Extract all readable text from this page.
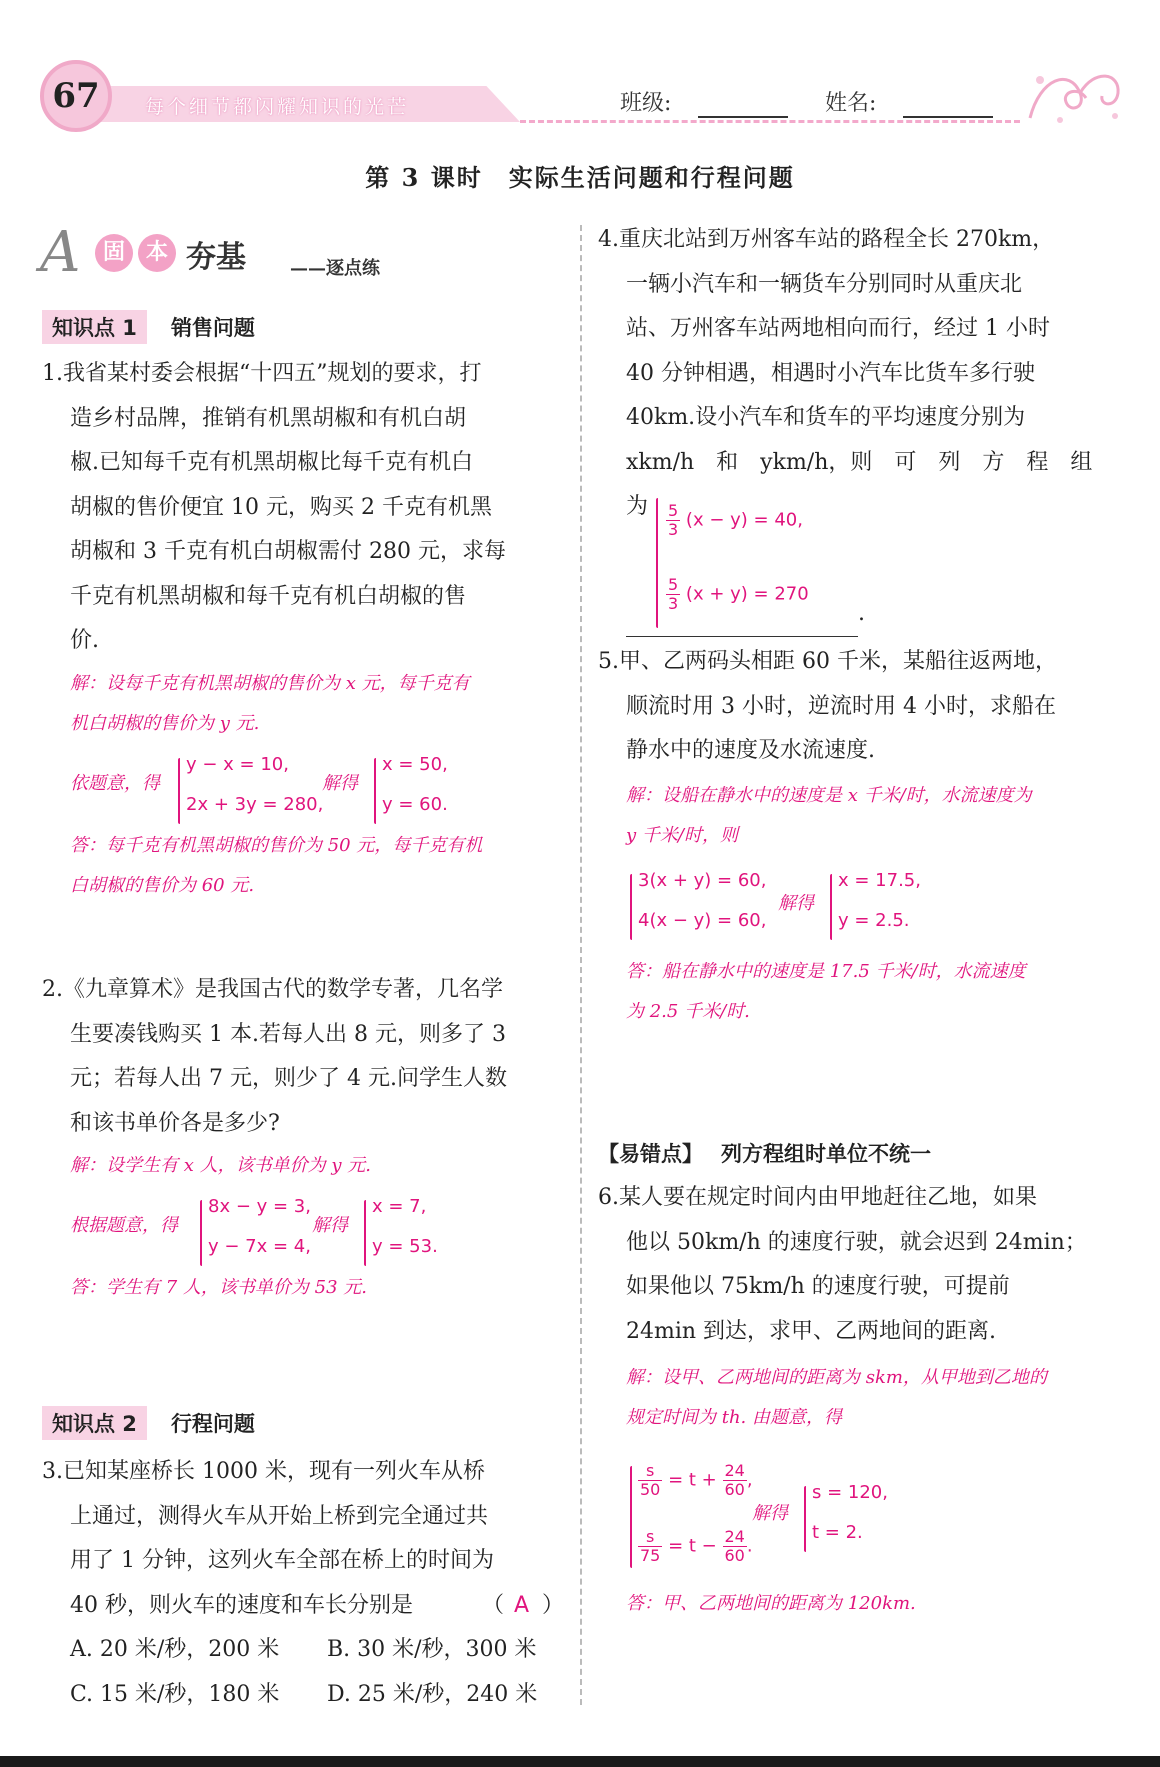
67	每个细节都闪耀知识的光芒	班级:	姓名:
第 3 课时　实际生活问题和行程问题
A	固 本 夯基 ——逐点练
知识点 1 销售问题
1.我省某村委会根据“十四五”规划的要求，打
造乡村品牌，推销有机黑胡椒和有机白胡
椒.已知每千克有机黑胡椒比每千克有机白
胡椒的售价便宜 10 元，购买 2 千克有机黑
胡椒和 3 千克有机白胡椒需付 280 元，求每
千克有机黑胡椒和每千克有机白胡椒的售
价.
解：设每千克有机黑胡椒的售价为 x 元，每千克有
机白胡椒的售价为 y 元.
依题意，得
y − x = 10,
2x + 3y = 280,
解得
x = 50,
y = 60.
答：每千克有机黑胡椒的售价为 50 元，每千克有机
白胡椒的售价为 60 元.
2.《九章算术》是我国古代的数学专著，几名学
生要凑钱购买 1 本.若每人出 8 元，则多了 3
元；若每人出 7 元，则少了 4 元.问学生人数
和该书单价各是多少?
解：设学生有 x 人，该书单价为 y 元.
根据题意，得
8x − y = 3,
y − 7x = 4,
解得
x = 7,
y = 53.
答：学生有 7 人，该书单价为 53 元.
知识点 2 行程问题
3.已知某座桥长 1000 米，现有一列火车从桥
上通过，测得火车从开始上桥到完全通过共
用了 1 分钟，这列火车全部在桥上的时间为
40 秒，则火车的速度和车长分别是	（ A ）
A. 20 米/秒，200 米 B. 30 米/秒，300 米
C. 15 米/秒，180 米 D. 25 米/秒，240 米
4.重庆北站到万州客车站的路程全长 270km，
一辆小汽车和一辆货车分别同时从重庆北
站、万州客车站两地相向而行，经过 1 小时
40 分钟相遇，相遇时小汽车比货车多行驶
40km.设小汽车和货车的平均速度分别为
xkm/h　和　ykm/h，则　可　列　方　程　组　为	$\frac{5}{3} (x - y) = 40$,
$\frac{5}{3} (x + y) = 270$
.
5.甲、乙两码头相距 60 千米，某船往返两地，
顺流时用 3 小时，逆流时用 4 小时，求船在
静水中的速度及水流速度.
解：设船在静水中的速度是 x 千米/时，水流速度为
y 千米/时，则
3(x + y) = 60,
4(x − y) = 60,
解得
x = 17.5,
y = 2.5.
答：船在静水中的速度是 17.5 千米/时，水流速度
为 2.5 千米/时.
【易错点】 列方程组时单位不统一
6.某人要在规定时间内由甲地赶往乙地，如果
他以 50km/h 的速度行驶，就会迟到 24min；
如果他以 75km/h 的速度行驶，可提前
24min 到达，求甲、乙两地间的距离.
解：设甲、乙两地间的距离为 skm，从甲地到乙地的
规定时间为 th. 由题意，得
$\frac{s}{50} = t + \frac{24}{60}$ ,
$\frac{s}{75} = t - \frac{24}{60}$ .
解得
s = 120,
t = 2.
答：甲、乙两地间的距离为 120km.
